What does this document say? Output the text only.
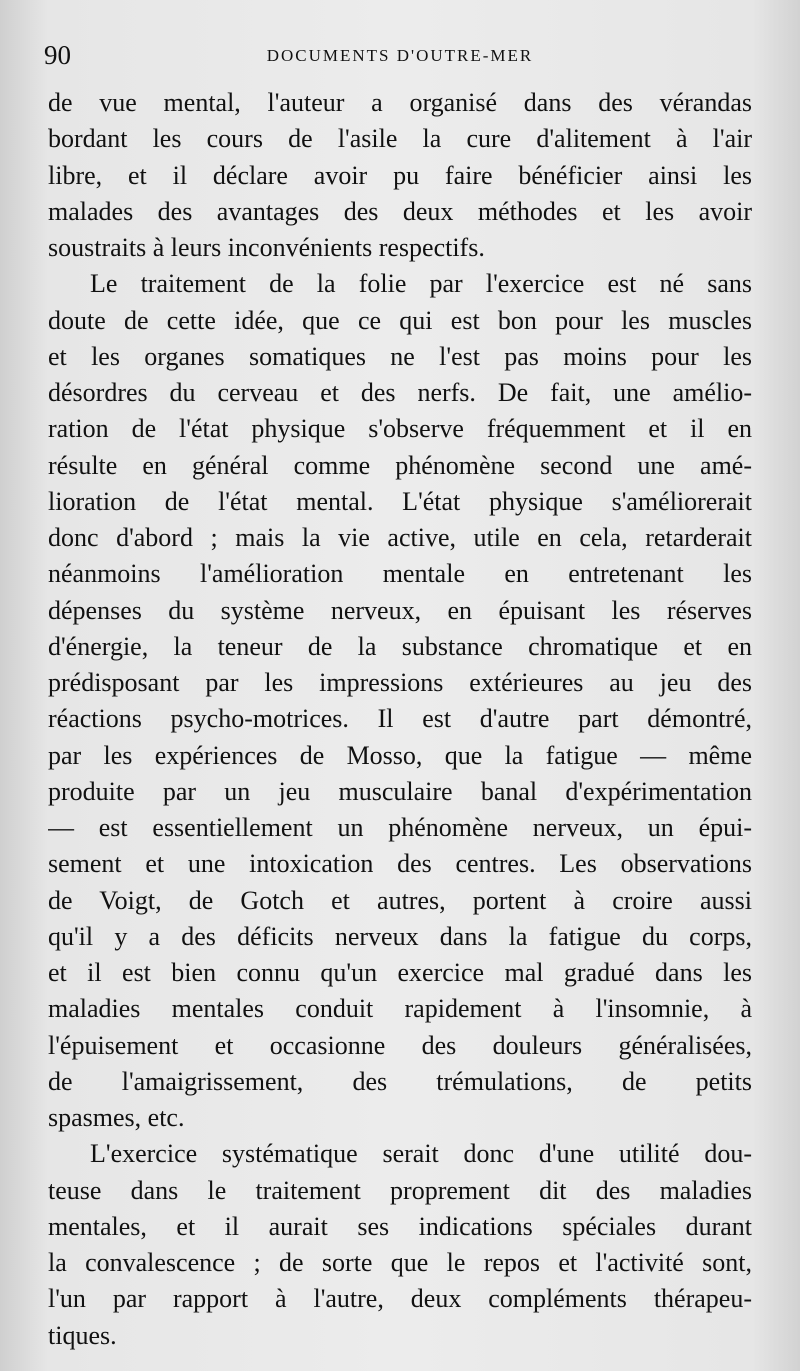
90	DOCUMENTS D'OUTRE-MER
de vue mental, l'auteur a organisé dans des vérandas
bordant les cours de l'asile la cure d'alitement à l'air
libre, et il déclare avoir pu faire bénéficier ainsi les
malades des avantages des deux méthodes et les avoir
soustraits à leurs inconvénients respectifs.
Le traitement de la folie par l'exercice est né sans
doute de cette idée, que ce qui est bon pour les muscles
et les organes somatiques ne l'est pas moins pour les
désordres du cerveau et des nerfs. De fait, une amélio-
ration de l'état physique s'observe fréquemment et il en
résulte en général comme phénomène second une amé-
lioration de l'état mental. L'état physique s'améliorerait
donc d'abord ; mais la vie active, utile en cela, retarderait
néanmoins l'amélioration mentale en entretenant les
dépenses du système nerveux, en épuisant les réserves
d'énergie, la teneur de la substance chromatique et en
prédisposant par les impressions extérieures au jeu des
réactions psycho-motrices. Il est d'autre part démontré,
par les expériences de Mosso, que la fatigue — même
produite par un jeu musculaire banal d'expérimentation
— est essentiellement un phénomène nerveux, un épui-
sement et une intoxication des centres. Les observations
de Voigt, de Gotch et autres, portent à croire aussi
qu'il y a des déficits nerveux dans la fatigue du corps,
et il est bien connu qu'un exercice mal gradué dans les
maladies mentales conduit rapidement à l'insomnie, à
l'épuisement et occasionne des douleurs généralisées,
de l'amaigrissement, des trémulations, de petits
spasmes, etc.
L'exercice systématique serait donc d'une utilité dou-
teuse dans le traitement proprement dit des maladies
mentales, et il aurait ses indications spéciales durant
la convalescence ; de sorte que le repos et l'activité sont,
l'un par rapport à l'autre, deux compléments thérapeu-
tiques.
